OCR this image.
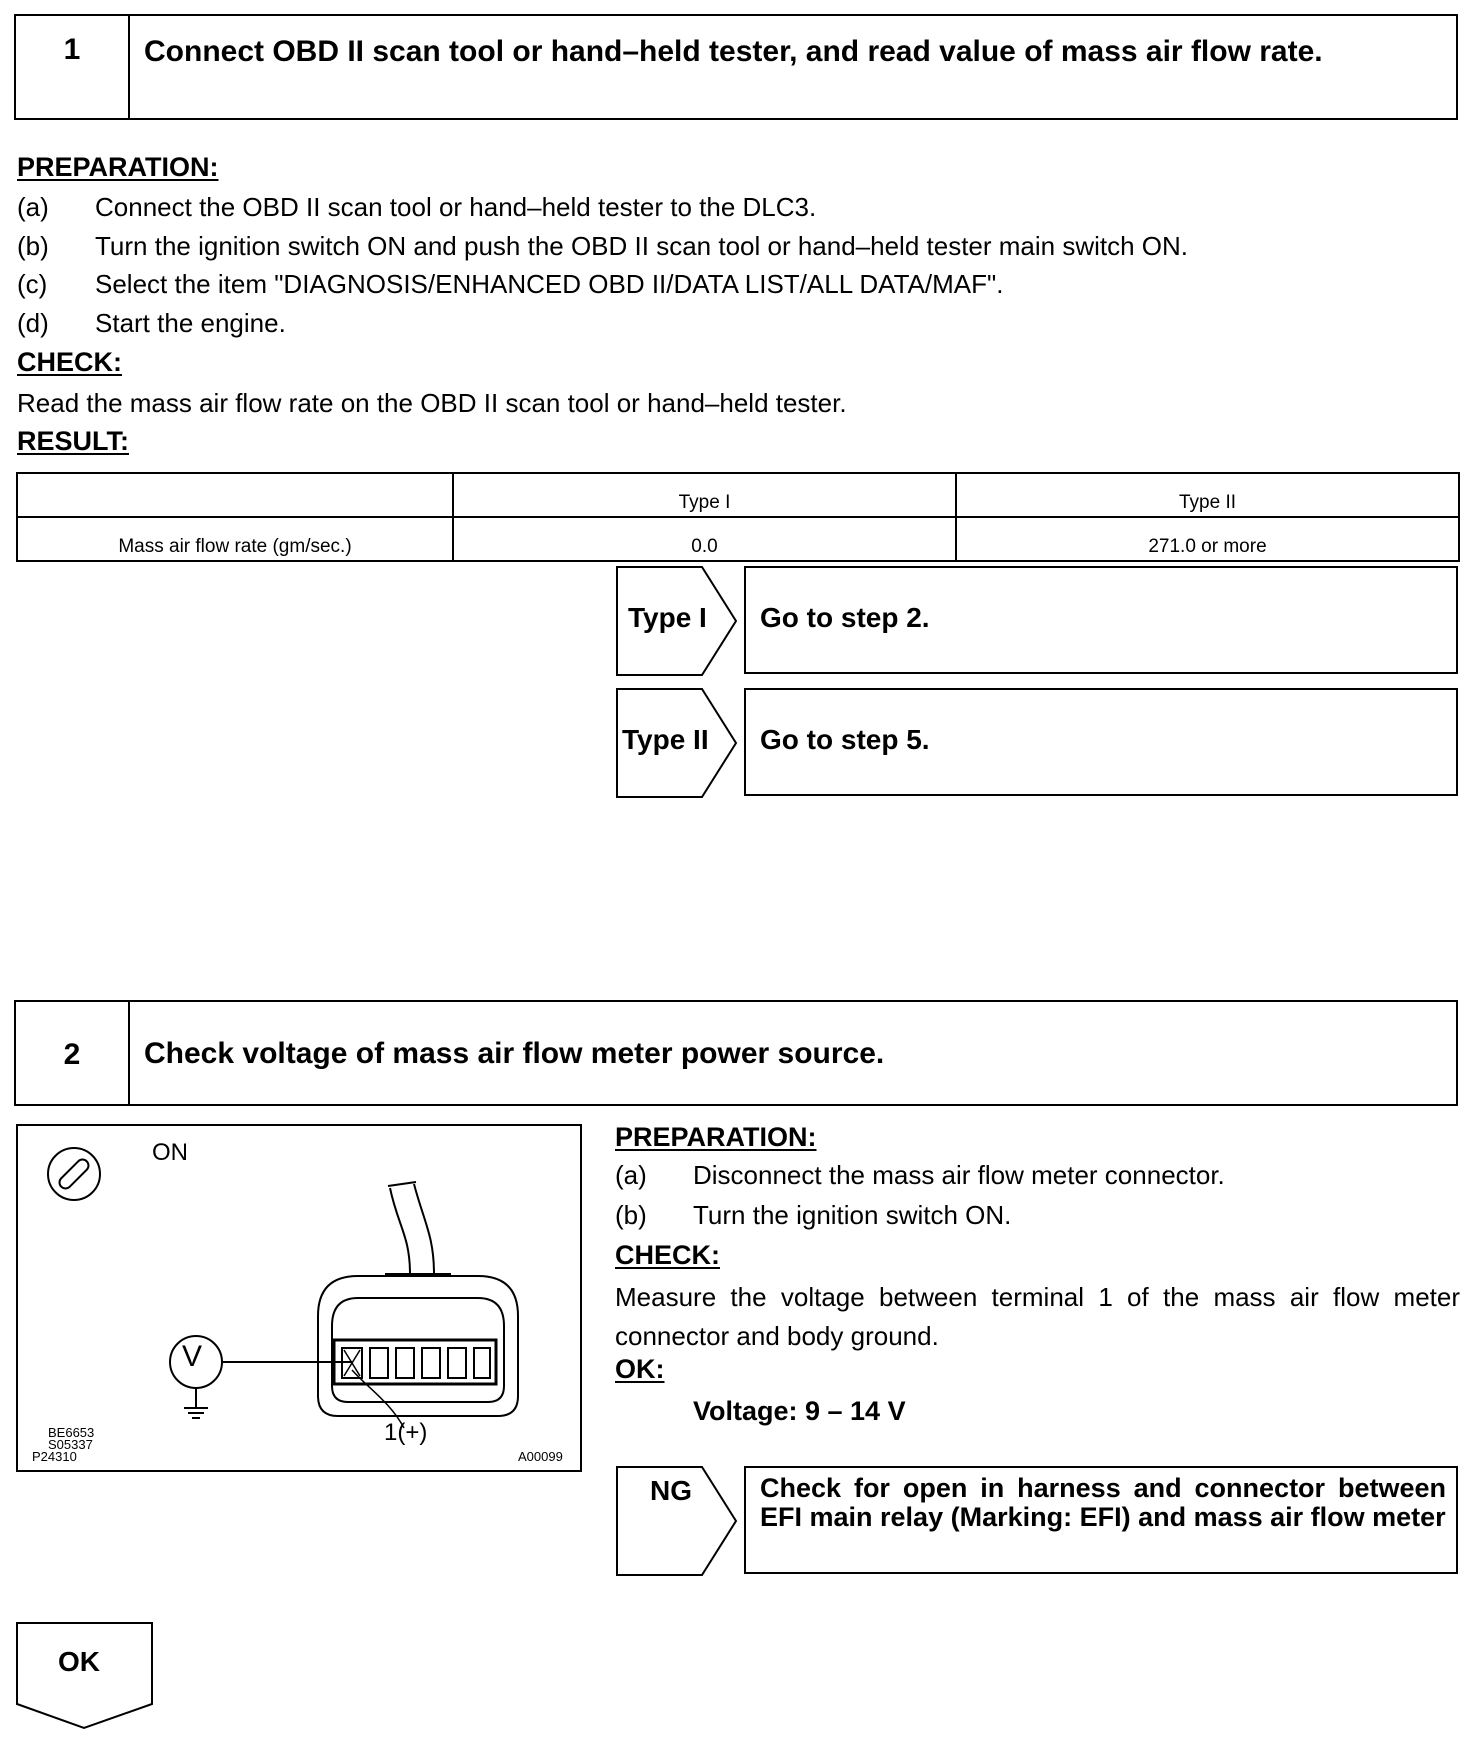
1	Connect OBD II scan tool or hand–held tester, and read value of mass air flow rate.
PREPARATION:
(a) Connect the OBD II scan tool or hand–held tester to the DLC3.
(b) Turn the ignition switch ON and push the OBD II scan tool or hand–held tester main switch ON.
(c) Select the item "DIAGNOSIS/ENHANCED OBD II/DATA LIST/ALL DATA/MAF".
(d) Start the engine.
CHECK:
Read the mass air flow rate on the OBD II scan tool or hand–held tester.
RESULT:
	Type I	Type II
Mass air flow rate (gm/sec.)	0.0	271.0 or more
Type I Go to step 2.
Type II Go to step 5.
2	Check voltage of mass air flow meter power source.
ON
V
1(+)
BE6653
S05337
P24310	A00099
PREPARATION:
(a) Disconnect the mass air flow meter connector.
(b) Turn the ignition switch ON.
CHECK:
Measure the voltage between terminal 1 of the mass air flow meter connector and body ground.
OK:
Voltage: 9 – 14 V
NG	Check for open in harness and connector between EFI main relay (Marking: EFI) and mass air flow meter
OK
